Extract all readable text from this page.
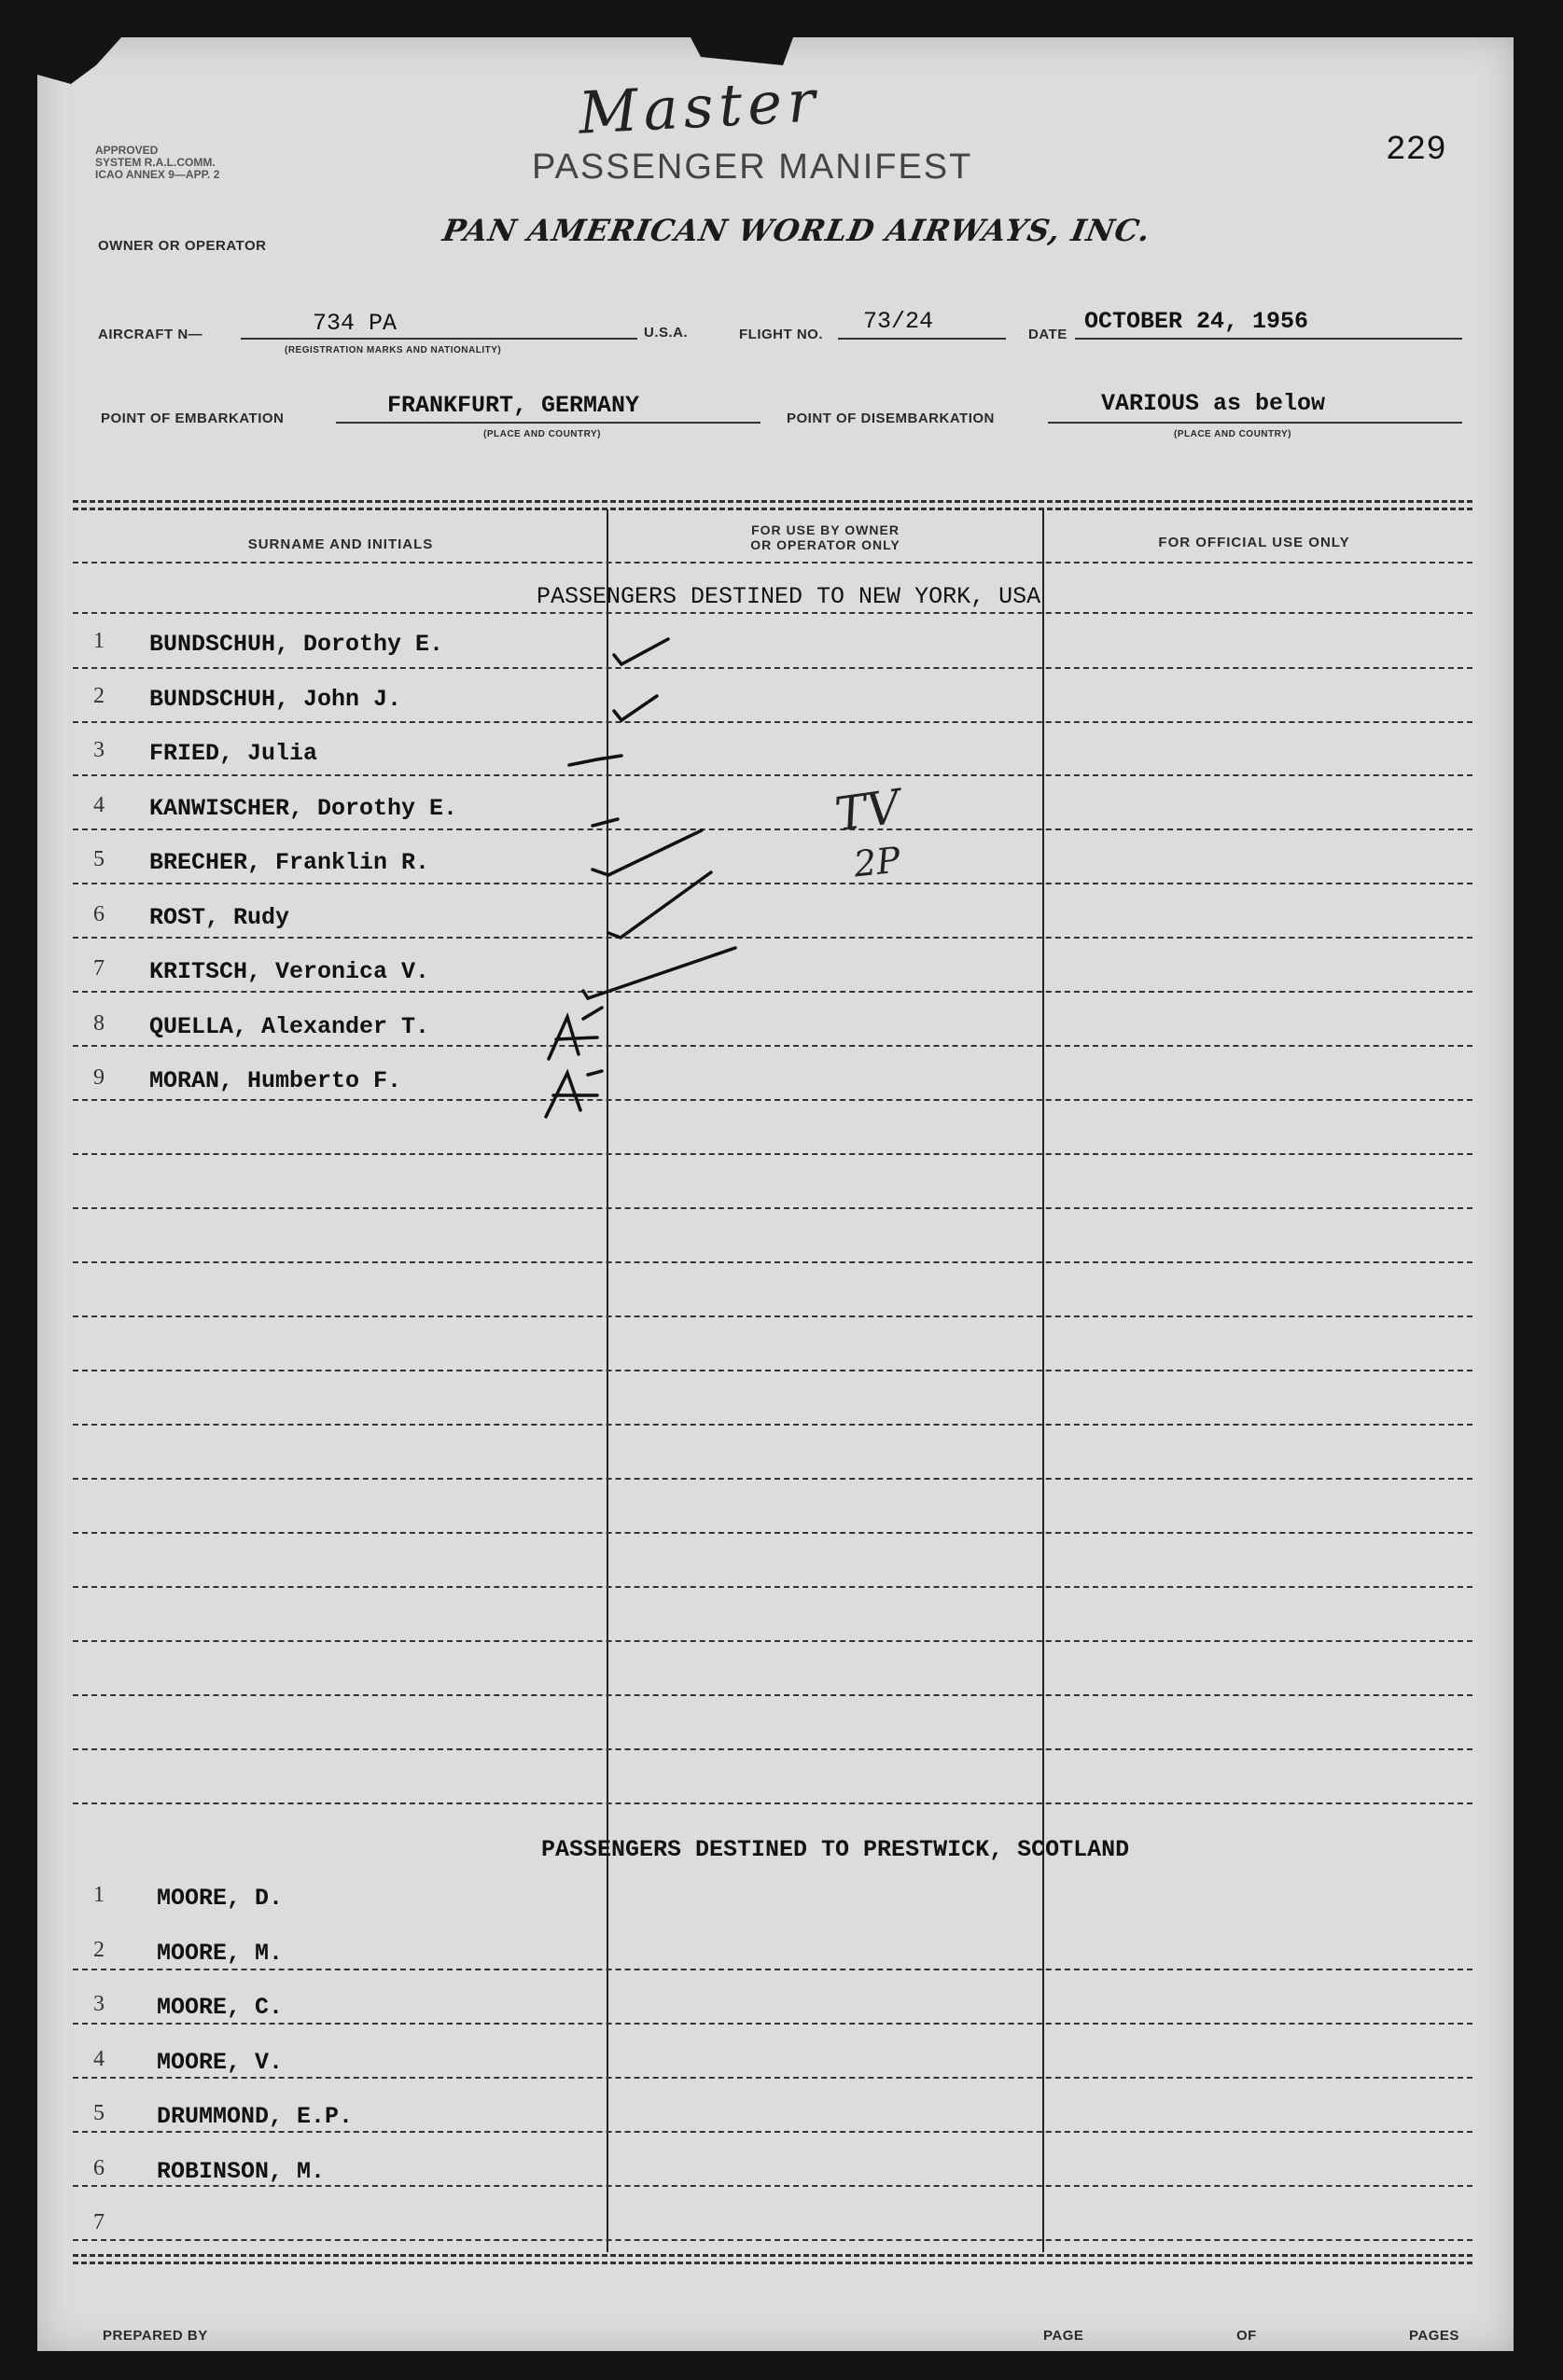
APPROVED
SYSTEM R.A.L.COMM.
ICAO ANNEX 9—APP. 2
Master
PASSENGER MANIFEST	229
OWNER OR OPERATOR	PAN AMERICAN WORLD AIRWAYS, INC.
AIRCRAFT N—	734 PA
(REGISTRATION MARKS AND NATIONALITY)
U.S.A.	FLIGHT NO. 73/24	DATE OCTOBER 24, 1956
POINT OF EMBARKATION	FRANKFURT, GERMANY
(PLACE AND COUNTRY)
POINT OF DISEMBARKATION
VARIOUS as below
(PLACE AND COUNTRY)
SURNAME AND INITIALS
FOR USE BY OWNER
OR OPERATOR ONLY	FOR OFFICIAL USE ONLY
PASSENGERS DESTINED TO NEW YORK, USA
PASSENGERS DESTINED TO PRESTWICK, SCOTLAND
1 BUNDSCHUH, Dorothy E.
2 BUNDSCHUH, John J.
3 FRIED, Julia
4 KANWISCHER, Dorothy E.
5 BRECHER, Franklin R.
6 ROST, Rudy
7 KRITSCH, Veronica V.
8 QUELLA, Alexander T.
9 MORAN, Humberto F.
1 MOORE, D.
2 MOORE, M.
3 MOORE, C.
4 MOORE, V.
5 DRUMMOND, E.P.
6 ROBINSON, M.
7
TV
2P
PREPARED BY	PAGE	OF	PAGES
